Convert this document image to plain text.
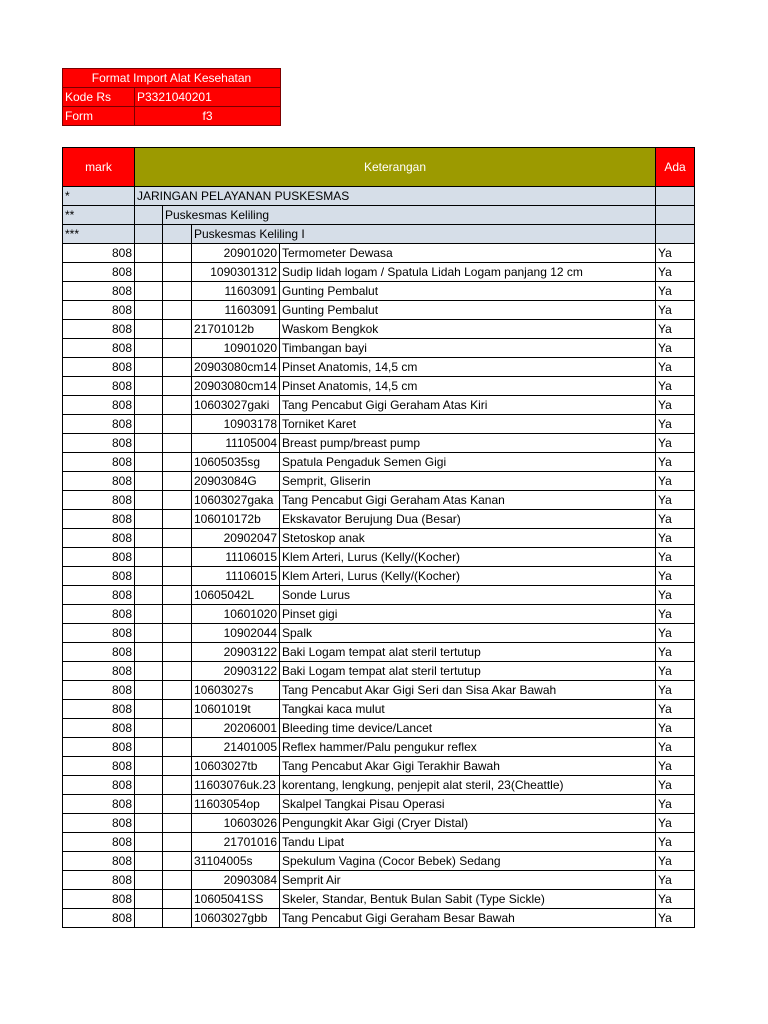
Format Import Alat Kesehatan	
Kode Rs	P3321040201
Form	f3
mark	Keterangan				Ada
*	JARINGAN PELAYANAN PUSKESMAS				
**		Puskesmas Keliling			
***			Puskesmas Keliling I		
808			20901020	Termometer Dewasa	Ya
808			1090301312	Sudip lidah logam / Spatula Lidah Logam panjang 12 cm	Ya
808			11603091	Gunting Pembalut	Ya
808			11603091	Gunting Pembalut	Ya
808			21701012b	Waskom Bengkok	Ya
808			10901020	Timbangan bayi	Ya
808			20903080cm14	Pinset Anatomis, 14,5 cm	Ya
808			20903080cm14	Pinset Anatomis, 14,5 cm	Ya
808			10603027gaki	Tang Pencabut Gigi Geraham Atas Kiri	Ya
808			10903178	Torniket Karet	Ya
808			11105004	Breast pump/breast pump	Ya
808			10605035sg	Spatula Pengaduk Semen Gigi	Ya
808			20903084G	Semprit, Gliserin	Ya
808			10603027gaka	Tang Pencabut Gigi Geraham Atas Kanan	Ya
808			106010172b	Ekskavator Berujung Dua (Besar)	Ya
808			20902047	Stetoskop anak	Ya
808			11106015	Klem Arteri, Lurus (Kelly/(Kocher)	Ya
808			11106015	Klem Arteri, Lurus (Kelly/(Kocher)	Ya
808			10605042L	Sonde Lurus	Ya
808			10601020	Pinset gigi	Ya
808			10902044	Spalk	Ya
808			20903122	Baki Logam tempat alat steril tertutup	Ya
808			20903122	Baki Logam tempat alat steril tertutup	Ya
808			10603027s	Tang Pencabut Akar Gigi Seri dan Sisa Akar Bawah	Ya
808			10601019t	Tangkai kaca mulut	Ya
808			20206001	Bleeding time device/Lancet	Ya
808			21401005	Reflex hammer/Palu pengukur reflex	Ya
808			10603027tb	Tang Pencabut Akar Gigi Terakhir Bawah	Ya
808			11603076uk.23	korentang, lengkung, penjepit alat steril, 23(Cheattle)	Ya
808			11603054op	Skalpel Tangkai Pisau Operasi	Ya
808			10603026	Pengungkit Akar Gigi (Cryer Distal)	Ya
808			21701016	Tandu Lipat	Ya
808			31104005s	Spekulum Vagina (Cocor Bebek) Sedang	Ya
808			20903084	Semprit Air	Ya
808			10605041SS	Skeler, Standar, Bentuk Bulan Sabit (Type Sickle)	Ya
808			10603027gbb	Tang Pencabut Gigi Geraham Besar Bawah	Ya
